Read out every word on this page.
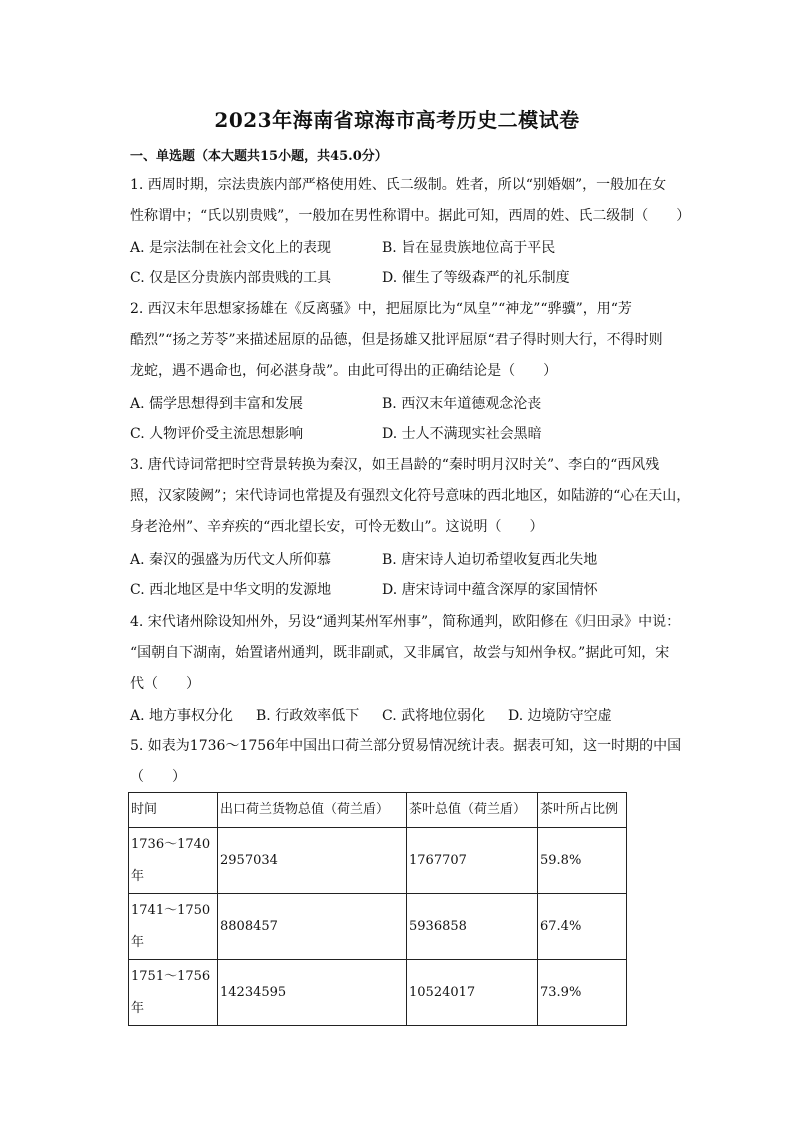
2023年海南省琼海市高考历史二模试卷
一、单选题（本大题共15小题，共45.0分）
1. 西周时期，宗法贵族内部严格使用姓、氏二级制。姓者，所以“别婚姻”，一般加在女
性称谓中；“氏以别贵贱”，一般加在男性称谓中。据此可知，西周的姓、氏二级制（　　）
A. 是宗法制在社会文化上的表现	B. 旨在显贵族地位高于平民
C. 仅是区分贵族内部贵贱的工具	D. 催生了等级森严的礼乐制度
2. 西汉末年思想家扬雄在《反离骚》中，把屈原比为“凤皇”“神龙”“骅骥”，用“芳
酷烈”“扬之芳苓”来描述屈原的品德，但是扬雄又批评屈原“君子得时则大行，不得时则
龙蛇，遇不遇命也，何必湛身哉”。由此可得出的正确结论是（　　）
A. 儒学思想得到丰富和发展	B. 西汉末年道德观念沦丧
C. 人物评价受主流思想影响	D. 士人不满现实社会黑暗
3. 唐代诗词常把时空背景转换为秦汉，如王昌龄的“秦时明月汉时关”、李白的“西风残
照，汉家陵阙”；宋代诗词也常提及有强烈文化符号意味的西北地区，如陆游的“心在天山，
身老沧州”、辛弃疾的“西北望长安，可怜无数山”。这说明（　　）
A. 秦汉的强盛为历代文人所仰慕	B. 唐宋诗人迫切希望收复西北失地
C. 西北地区是中华文明的发源地	D. 唐宋诗词中蕴含深厚的家国情怀
4. 宋代诸州除设知州外，另设“通判某州军州事”，简称通判，欧阳修在《归田录》中说：
“国朝自下湖南，始置诸州通判，既非副贰，又非属官，故尝与知州争权。”据此可知，宋
代（　　）
A. 地方事权分化 B. 行政效率低下 C. 武将地位弱化 D. 边境防守空虚
5. 如表为1736～1756年中国出口荷兰部分贸易情况统计表。据表可知，这一时期的中国
（　　）
时间	出口荷兰货物总值（荷兰盾）	茶叶总值（荷兰盾）	茶叶所占比例

1736～1740
年	2957034	1767707	59.8%

1741～1750
年	8808457	5936858	67.4%

1751～1756
年	14234595	10524017	73.9%
